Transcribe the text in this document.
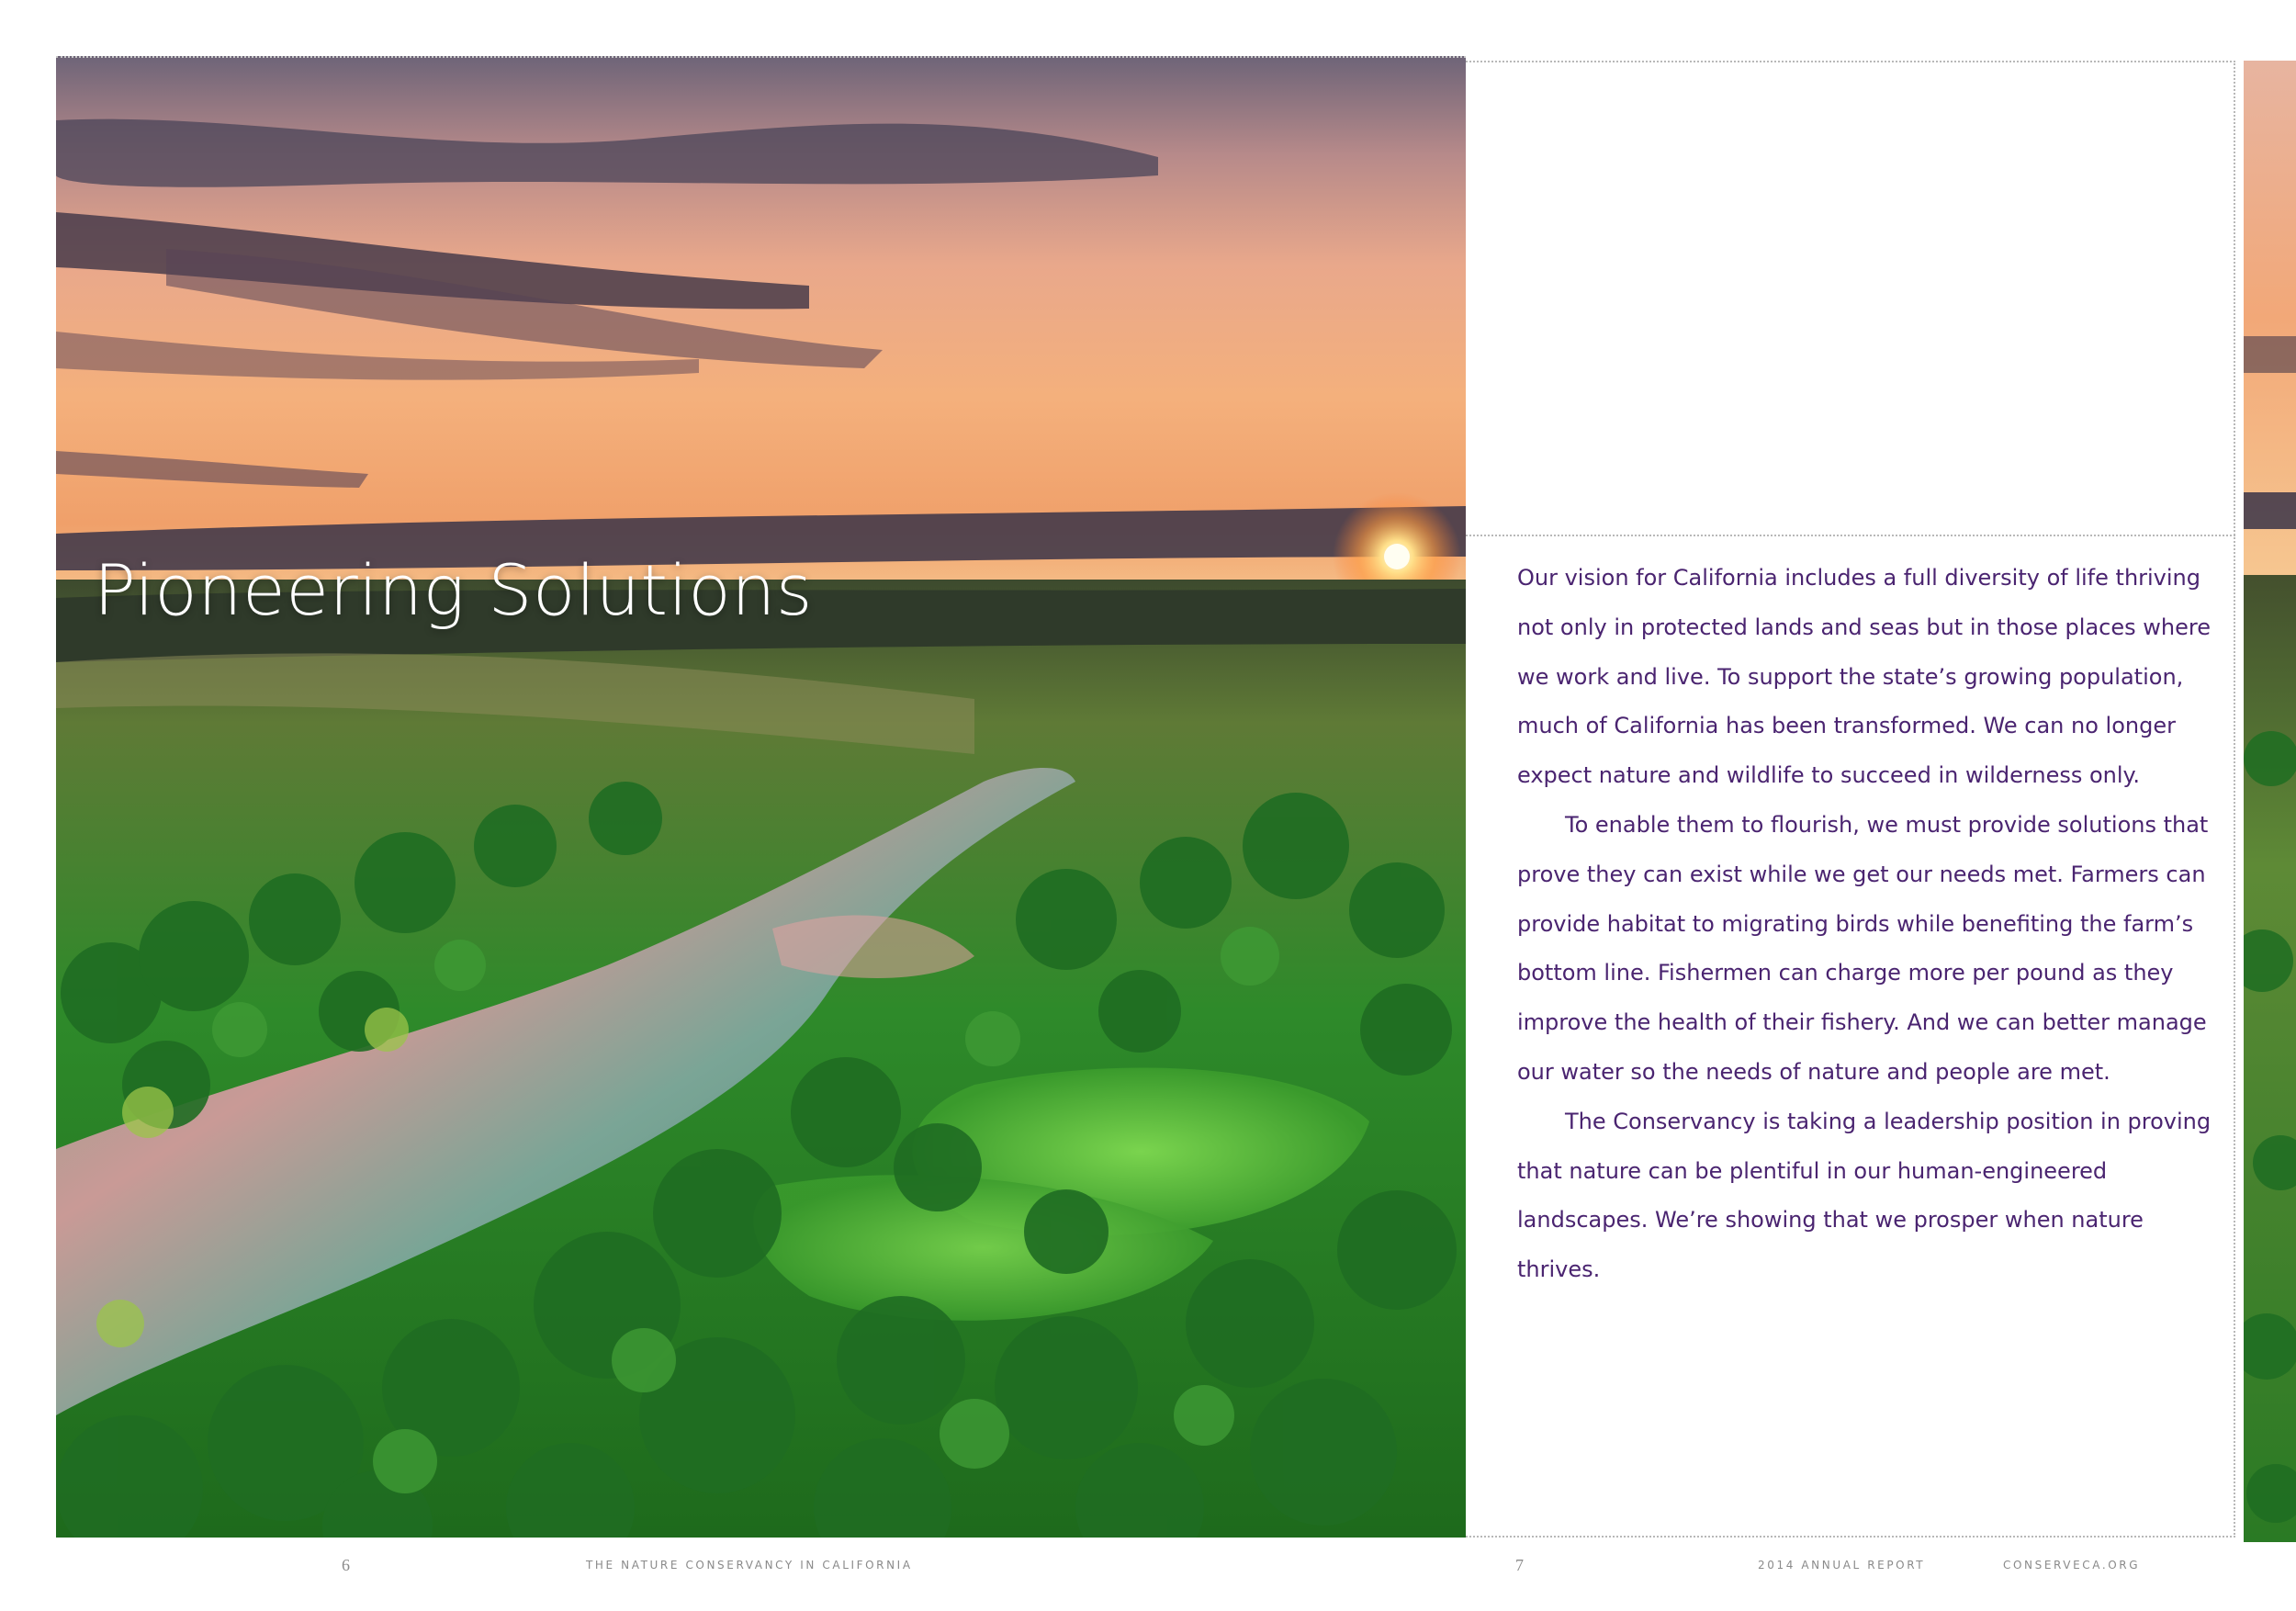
Pioneering Solutions	Our vision for California includes a full diversity of life thriving not only in protected lands and seas but in those places where we work and live. To support the state’s growing population, much of California has been transformed. We can no longer expect nature and wildlife to succeed in wilderness only.

To enable them to flourish, we must provide solutions that prove they can exist while we get our needs met. Farmers can provide habitat to migrating birds while benefiting the farm’s bottom line. Fishermen can charge more per pound as they improve the health of their fishery. And we can better manage our water so the needs of nature and people are met.

The Conservancy is taking a leadership position in proving that nature can be plentiful in our human-engineered landscapes. We’re showing that we prosper when nature thrives.

6	THE NATURE CONSERVANCY IN CALIFORNIA	7	2014 ANNUAL REPORT	CONSERVECA.ORG
